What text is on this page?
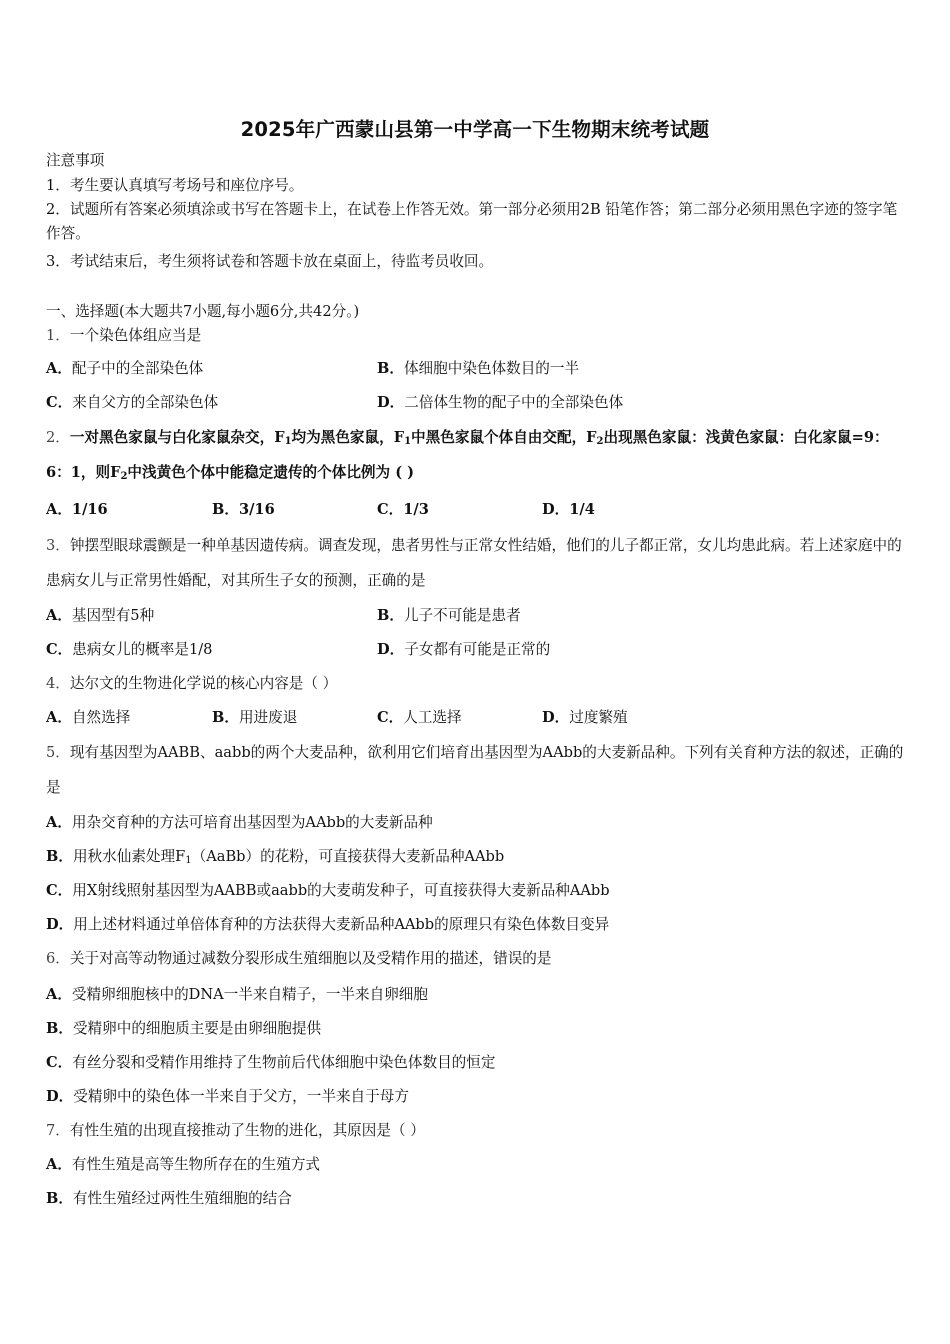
2025年广西蒙山县第一中学高一下生物期末统考试题
注意事项
1．考生要认真填写考场号和座位序号。
2．试题所有答案必须填涂或书写在答题卡上，在试卷上作答无效。第一部分必须用2B 铅笔作答；第二部分必须用黑色字迹的签字笔作答。
3．考试结束后，考生须将试卷和答题卡放在桌面上，待监考员收回。
一、选择题(本大题共7小题,每小题6分,共42分。)
1．一个染色体组应当是
A．配子中的全部染色体	B．体细胞中染色体数目的一半
C．来自父方的全部染色体	D．二倍体生物的配子中的全部染色体
2．一对黑色家鼠与白化家鼠杂交，$F_1$均为黑色家鼠，$F_1$中黑色家鼠个体自由交配，$F_2$出现黑色家鼠：浅黄色家鼠：白化家鼠=9：6：1，则$F_2$中浅黄色个体中能稳定遗传的个体比例为 ( )
A．1/16	B．3/16	C．1/3	D．1/4
3．钟摆型眼球震颤是一种单基因遗传病。调查发现，患者男性与正常女性结婚，他们的儿子都正常，女儿均患此病。若上述家庭中的患病女儿与正常男性婚配，对其所生子女的预测，正确的是
A．基因型有5种	B．儿子不可能是患者
C．患病女儿的概率是1/8	D．子女都有可能是正常的
4．达尔文的生物进化学说的核心内容是（ ）
A．自然选择	B．用进废退	C．人工选择	D．过度繁殖
5．现有基因型为AABB、aabb的两个大麦品种，欲利用它们培育出基因型为AAbb的大麦新品种。下列有关育种方法的叙述，正确的是
A．用杂交育种的方法可培育出基因型为AAbb的大麦新品种
B．用秋水仙素处理$F_1(AaBb)$的花粉，可直接获得大麦新品种AAbb
C．用X射线照射基因型为AABB或aabb的大麦萌发种子，可直接获得大麦新品种AAbb
D．用上述材料通过单倍体育种的方法获得大麦新品种AAbb的原理只有染色体数目变异
6．关于对高等动物通过减数分裂形成生殖细胞以及受精作用的描述，错误的是
A．受精卵细胞核中的DNA一半来自精子，一半来自卵细胞
B．受精卵中的细胞质主要是由卵细胞提供
C．有丝分裂和受精作用维持了生物前后代体细胞中染色体数目的恒定
D．受精卵中的染色体一半来自于父方，一半来自于母方
7．有性生殖的出现直接推动了生物的进化，其原因是（ ）
A．有性生殖是高等生物所存在的生殖方式
B．有性生殖经过两性生殖细胞的结合
